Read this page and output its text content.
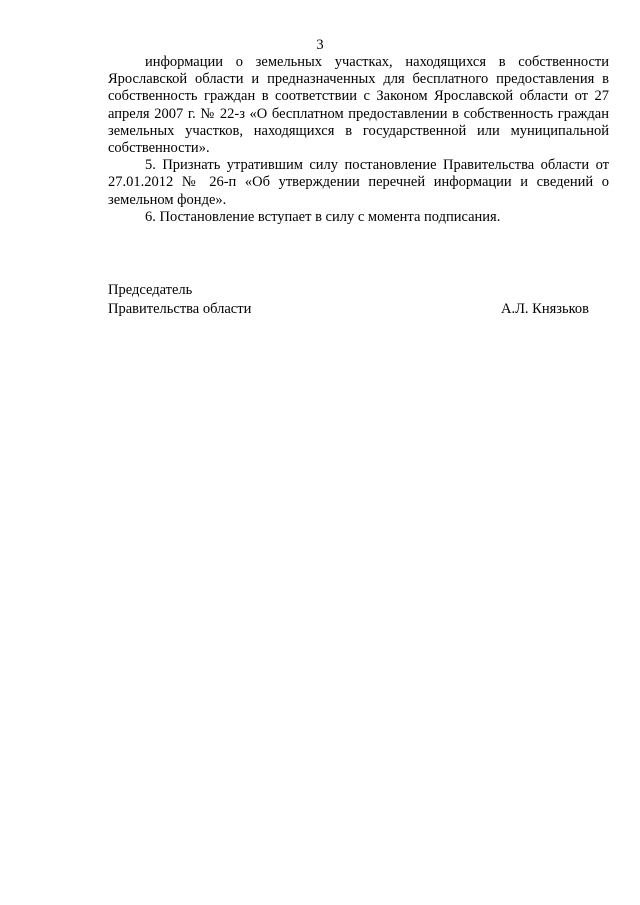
3

информации о земельных участках, находящихся в собственности Ярославской области и предназначенных для бесплатного предоставления в собственность граждан в соответствии с Законом Ярославской области от 27 апреля 2007 г. № 22-з «О бесплатном предоставлении в собственность граждан земельных участков, находящихся в государственной или муниципальной собственности».

5. Признать утратившим силу постановление Правительства области от 27.01.2012 № 26-п «Об утверждении перечней информации и сведений о земельном фонде».

6. Постановление вступает в силу с момента подписания.

Председатель
Правительства области	А.Л. Князьков
